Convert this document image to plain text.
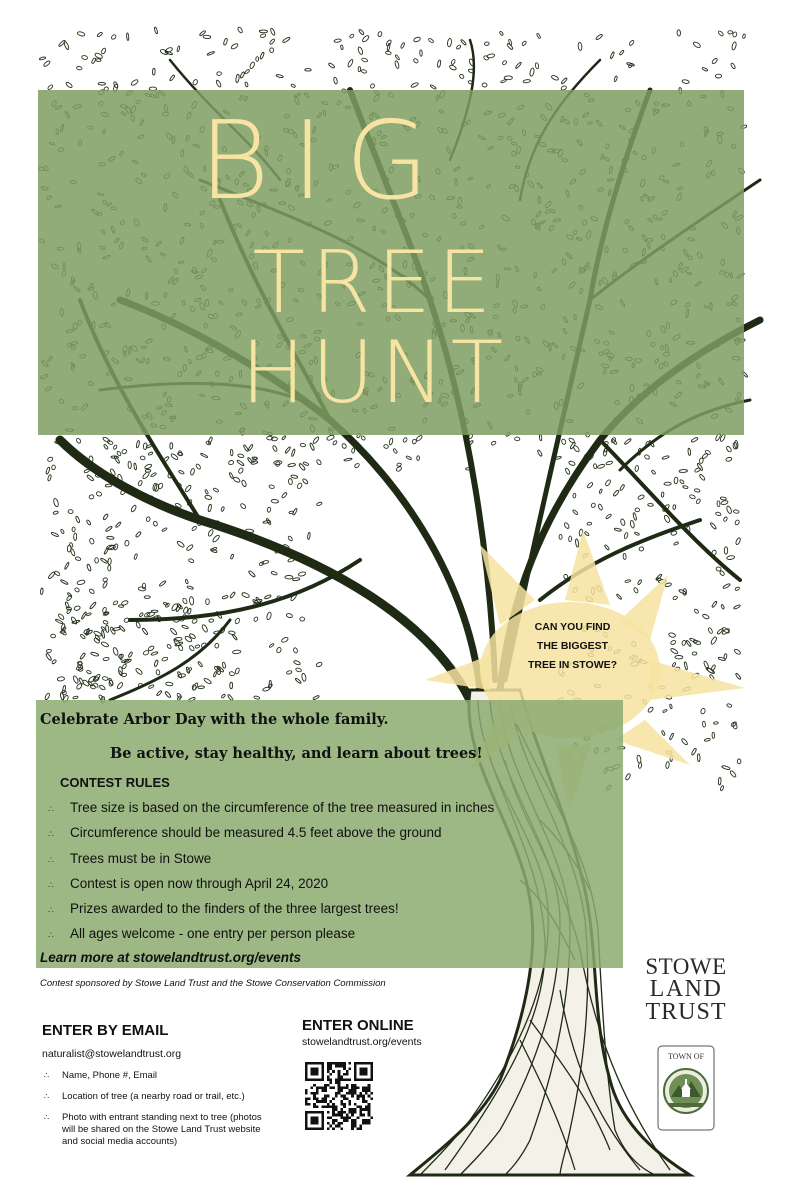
BIG
TREE
HUNT
CAN YOU FIND
THE BIGGEST
TREE IN STOWE?
Celebrate Arbor Day with the whole family.
Be active, stay healthy, and learn about trees!
CONTEST RULES
∴ Tree size is based on the circumference of the tree measured in inches
∴ Circumference should be measured 4.5 feet above the ground
∴ Trees must be in Stowe
∴ Contest is open now through April 24, 2020
∴ Prizes awarded to the finders of the three largest trees!
∴ All ages welcome - one entry per person please
Learn more at stowelandtrust.org/events
Contest sponsored by Stowe Land Trust and the Stowe Conservation Commission
ENTER BY EMAIL
naturalist@stowelandtrust.org
∴ Name, Phone #, Email
∴ Location of tree (a nearby road or trail, etc.)
∴ Photo with entrant standing next to tree (photos will be shared on the Stowe Land Trust website and social media accounts)
ENTER ONLINE
stowelandtrust.org/events
STOWE
LAND
TRUST
TOWN OF
